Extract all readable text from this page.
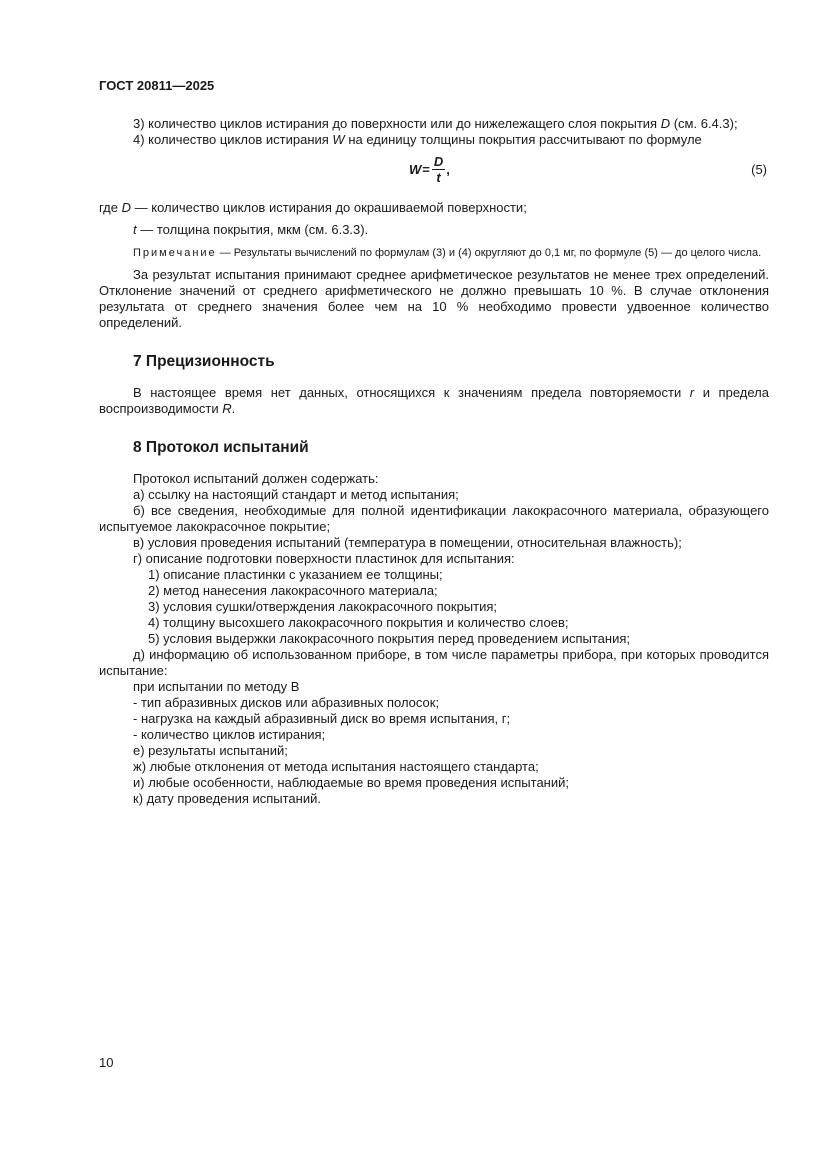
ГОСТ 20811—2025

3) количество циклов истирания до поверхности или до нижележащего слоя покрытия D (см. 6.4.3);

4) количество циклов истирания W на единицу толщины покрытия рассчитывают по формуле

$W = \frac{D}{t}$ ,	(5)

где D — количество циклов истирания до окрашиваемой поверхности;

t — толщина покрытия, мкм (см. 6.3.3).

Примечание — Результаты вычислений по формулам (3) и (4) округляют до 0,1 мг, по формуле (5) — до целого числа.

За результат испытания принимают среднее арифметическое результатов не менее трех определений. Отклонение значений от среднего арифметического не должно превышать 10 %. В случае отклонения результата от среднего значения более чем на 10 % необходимо провести удвоенное количество определений.

7 Прецизионность

В настоящее время нет данных, относящихся к значениям предела повторяемости r и предела воспроизводимости R.

8 Протокол испытаний

Протокол испытаний должен содержать:

а) ссылку на настоящий стандарт и метод испытания;

б) все сведения, необходимые для полной идентификации лакокрасочного материала, образующего испытуемое лакокрасочное покрытие;

в) условия проведения испытаний (температура в помещении, относительная влажность);

г) описание подготовки поверхности пластинок для испытания:

1) описание пластинки с указанием ее толщины;

2) метод нанесения лакокрасочного материала;

3) условия сушки/отверждения лакокрасочного покрытия;

4) толщину высохшего лакокрасочного покрытия и количество слоев;

5) условия выдержки лакокрасочного покрытия перед проведением испытания;

д) информацию об использованном приборе, в том числе параметры прибора, при которых проводится испытание:

при испытании по методу В

- тип абразивных дисков или абразивных полосок;

- нагрузка на каждый абразивный диск во время испытания, г;

- количество циклов истирания;

е) результаты испытаний;

ж) любые отклонения от метода испытания настоящего стандарта;

и) любые особенности, наблюдаемые во время проведения испытаний;

к) дату проведения испытаний.

10
